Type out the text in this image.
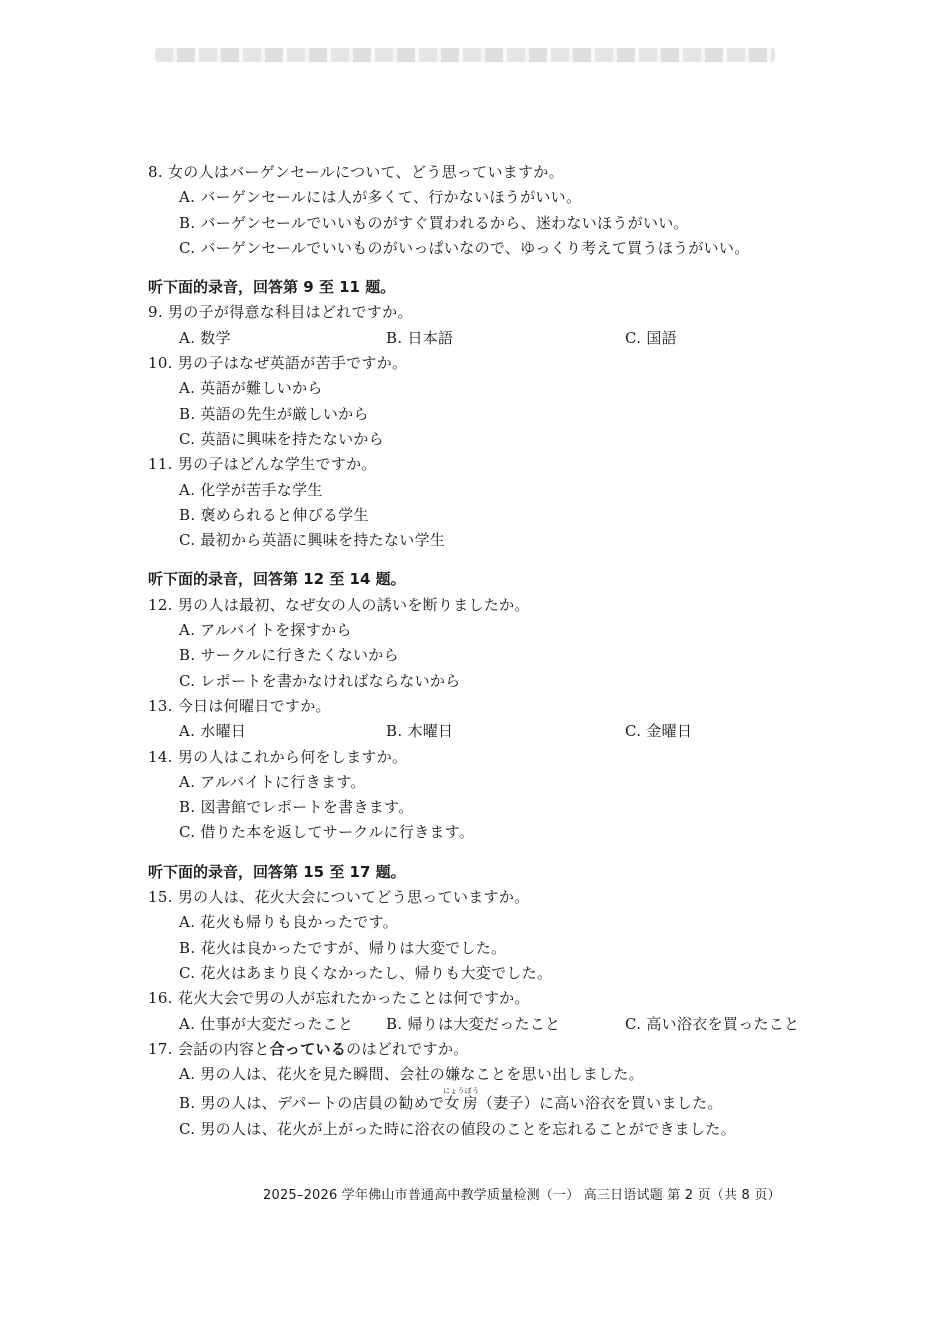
8. 女の人はバーゲンセールについて、どう思っていますか。
A. バーゲンセールには人が多くて、行かないほうがいい。
B. バーゲンセールでいいものがすぐ買われるから、迷わないほうがいい。
C. バーゲンセールでいいものがいっぱいなので、ゆっくり考えて買うほうがいい。
听下面的录音，回答第 9 至 11 题。
9. 男の子が得意な科目はどれですか。
A. 数学	B. 日本語	C. 国語
10. 男の子はなぜ英語が苦手ですか。
A. 英語が難しいから
B. 英語の先生が厳しいから
C. 英語に興味を持たないから
11. 男の子はどんな学生ですか。
A. 化学が苦手な学生
B. 褒められると伸びる学生
C. 最初から英語に興味を持たない学生
听下面的录音，回答第 12 至 14 题。
12. 男の人は最初、なぜ女の人の誘いを断りましたか。
A. アルバイトを探すから
B. サークルに行きたくないから
C. レポートを書かなければならないから
13. 今日は何曜日ですか。
A. 水曜日	B. 木曜日	C. 金曜日
14. 男の人はこれから何をしますか。
A. アルバイトに行きます。
B. 図書館でレポートを書きます。
C. 借りた本を返してサークルに行きます。
听下面的录音，回答第 15 至 17 题。
15. 男の人は、花火大会についてどう思っていますか。
A. 花火も帰りも良かったです。
B. 花火は良かったですが、帰りは大変でした。
C. 花火はあまり良くなかったし、帰りも大変でした。
16. 花火大会で男の人が忘れたかったことは何ですか。
A. 仕事が大変だったこと	B. 帰りは大変だったこと	C. 高い浴衣を買ったこと
17. 会話の内容と合っているのはどれですか。
A. 男の人は、花火を見た瞬間、会社の嫌なことを思い出しました。
B. 男の人は、デパートの店員の勧めで女房にょうぼう（妻子）に高い浴衣を買いました。
C. 男の人は、花火が上がった時に浴衣の値段のことを忘れることができました。
2025–2026 学年佛山市普通高中教学质量检测（一） 高三日语试题 第 2 页（共 8 页）
